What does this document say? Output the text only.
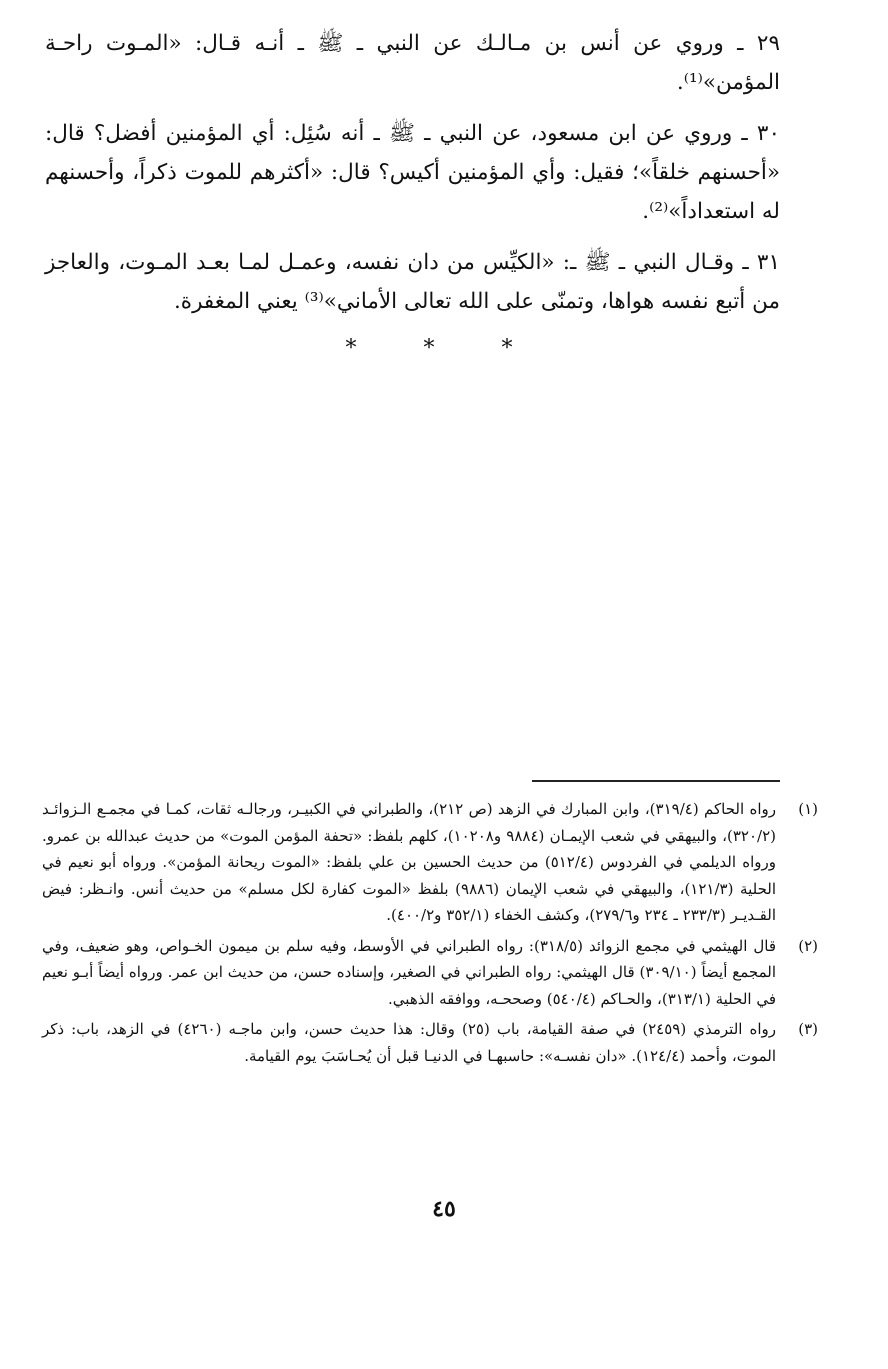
٢٩ ـ وروي عن أنس بن مـالـك عن النبي ـ ﷺ ـ أنـه قـال: «المـوت راحـة المؤمن»⁽¹⁾.

٣٠ ـ وروي عن ابن مسعود، عن النبي ـ ﷺ ـ أنه سُئِل: أي المؤمنين أفضل؟ قال: «أحسنهم خلقاً»؛ فقيل: وأي المؤمنين أكيس؟ قال: «أكثرهم للموت ذكراً، وأحسنهم له استعداداً»⁽²⁾.

٣١ ـ وقـال النبي ـ ﷺ ـ: «الكيِّس من دان نفسه، وعمـل لمـا بعـد المـوت، والعاجز من أتبع نفسه هواها، وتمنّى على الله تعالى الأماني»⁽³⁾ يعني المغفرة.

* * *
(١)
رواه الحاكم (٣١٩/٤)، وابن المبارك في الزهد (ص ٢١٢)، والطبراني في الكبيـر، ورجالـه ثقات، كمـا في مجمـع الـزوائـد (٣٢٠/٢)، والبيهقي في شعب الإيمـان (٩٨٨٤ و١٠٢٠٨)، كلهم بلفظ: «تحفة المؤمن الموت» من حديث عبدالله بن عمرو. ورواه الديلمي في الفردوس (٥١٢/٤) من حديث الحسين بن علي بلفظ: «الموت ريحانة المؤمن». ورواه أبو نعيم في الحلية (١٢١/٣)، والبيهقي في شعب الإيمان (٩٨٨٦) بلفظ «الموت كفارة لكل مسلم» من حديث أنس. وانـظر: فيض القـديـر (٢٣٣/٣ ـ ٢٣٤ و٢٧٩/٦)، وكشف الخفاء (٣٥٢/١ و٤٠٠/٢).
(٢)
قال الهيثمي في مجمع الزوائد (٣١٨/٥): رواه الطبراني في الأوسط، وفيه سلم بن ميمون الخـواص، وهو ضعيف، وفي المجمع أيضاً (٣٠٩/١٠) قال الهيثمي: رواه الطبراني في الصغير، وإسناده حسن، من حديث ابن عمر. ورواه أيضاً أبـو نعيم في الحلية (٣١٣/١)، والحـاكم (٥٤٠/٤) وصححـه، ووافقه الذهبي.
(٣)
رواه الترمذي (٢٤٥٩) في صفة القيامة، باب (٢٥) وقال: هذا حديث حسن، وابن ماجـه (٤٢٦٠) في الزهد، باب: ذكر الموت، وأحمد (١٢٤/٤). «دان نفسـه»: حاسبهـا في الدنيـا قبل أن يُحـاسَبَ يوم القيامة.
٤٥
